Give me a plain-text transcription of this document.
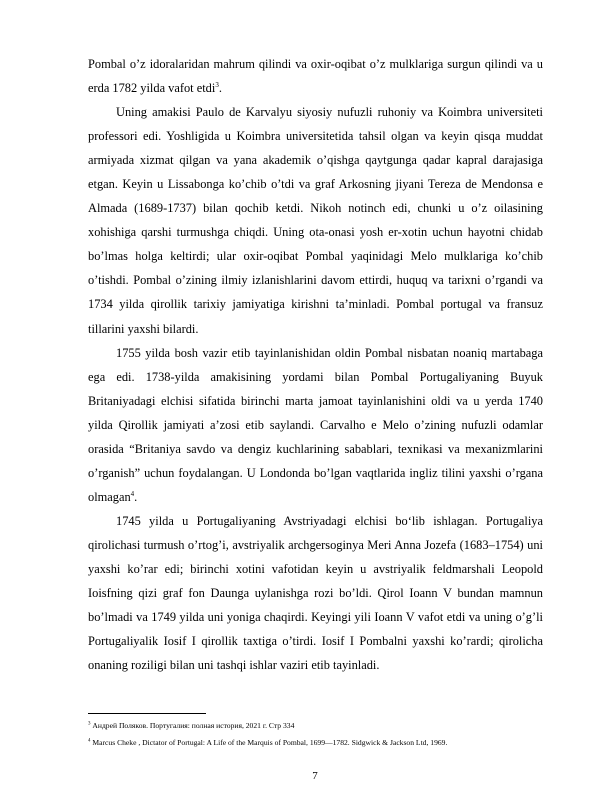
Pombal o’z idoralaridan mahrum qilindi va oxir-oqibat o’z mulklariga surgun qilindi va u erda 1782 yilda vafot etdi$^3$.

Uning amakisi Paulo de Karvalyu siyosiy nufuzli ruhoniy va Koimbra universiteti professori edi. Yoshligida u Koimbra universitetida tahsil olgan va keyin qisqa muddat armiyada xizmat qilgan va yana akademik o’qishga qaytgunga qadar kapral darajasiga etgan. Keyin u Lissabonga ko’chib o’tdi va graf Arkosning jiyani Tereza de Mendonsa e Almada (1689-1737) bilan qochib ketdi. Nikoh notinch edi, chunki u o’z oilasining xohishiga qarshi turmushga chiqdi. Uning ota-onasi yosh er-xotin uchun hayotni chidab bo’lmas holga keltirdi; ular oxir-oqibat Pombal yaqinidagi Melo mulklariga ko’chib o’tishdi. Pombal o’zining ilmiy izlanishlarini davom ettirdi, huquq va tarixni o’rgandi va 1734 yilda qirollik tarixiy jamiyatiga kirishni ta’minladi. Pombal portugal va fransuz tillarini yaxshi bilardi.

1755 yilda bosh vazir etib tayinlanishidan oldin Pombal nisbatan noaniq martabaga ega edi. 1738-yilda amakisining yordami bilan Pombal Portugaliyaning Buyuk Britaniyadagi elchisi sifatida birinchi marta jamoat tayinlanishini oldi va u yerda 1740 yilda Qirollik jamiyati a’zosi etib saylandi. Carvalho e Melo o’zining nufuzli odamlar orasida “Britaniya savdo va dengiz kuchlarining sabablari, texnikasi va mexanizmlarini o’rganish” uchun foydalangan. U Londonda bo’lgan vaqtlarida ingliz tilini yaxshi o’rgana olmagan$^4$.

1745 yilda u Portugaliyaning Avstriyadagi elchisi bo‘lib ishlagan. Portugaliya qirolichasi turmush o’rtog’i, avstriyalik archgersoginya Meri Anna Jozefa (1683–1754) uni yaxshi ko’rar edi; birinchi xotini vafotidan keyin u avstriyalik feldmarshali Leopold Ioisfning qizi graf fon Daunga uylanishga rozi bo’ldi. Qirol Ioann V bundan mamnun bo’lmadi va 1749 yilda uni yoniga chaqirdi. Keyingi yili Ioann V vafot etdi va uning o’g’li Portugaliyalik Iosif I qirollik taxtiga o’tirdi. Iosif I Pombalni yaxshi ko’rardi; qirolicha onaning roziligi bilan uni tashqi ishlar vaziri etib tayinladi.

$^3$ Андрей Поляков. Португалия: полная история, 2021 г. Стр 334
$^4$ Marcus Cheke , Dictator of Portugal: A Life of the Marquis of Pombal, 1699—1782. Sidgwick & Jackson Ltd, 1969.
7
